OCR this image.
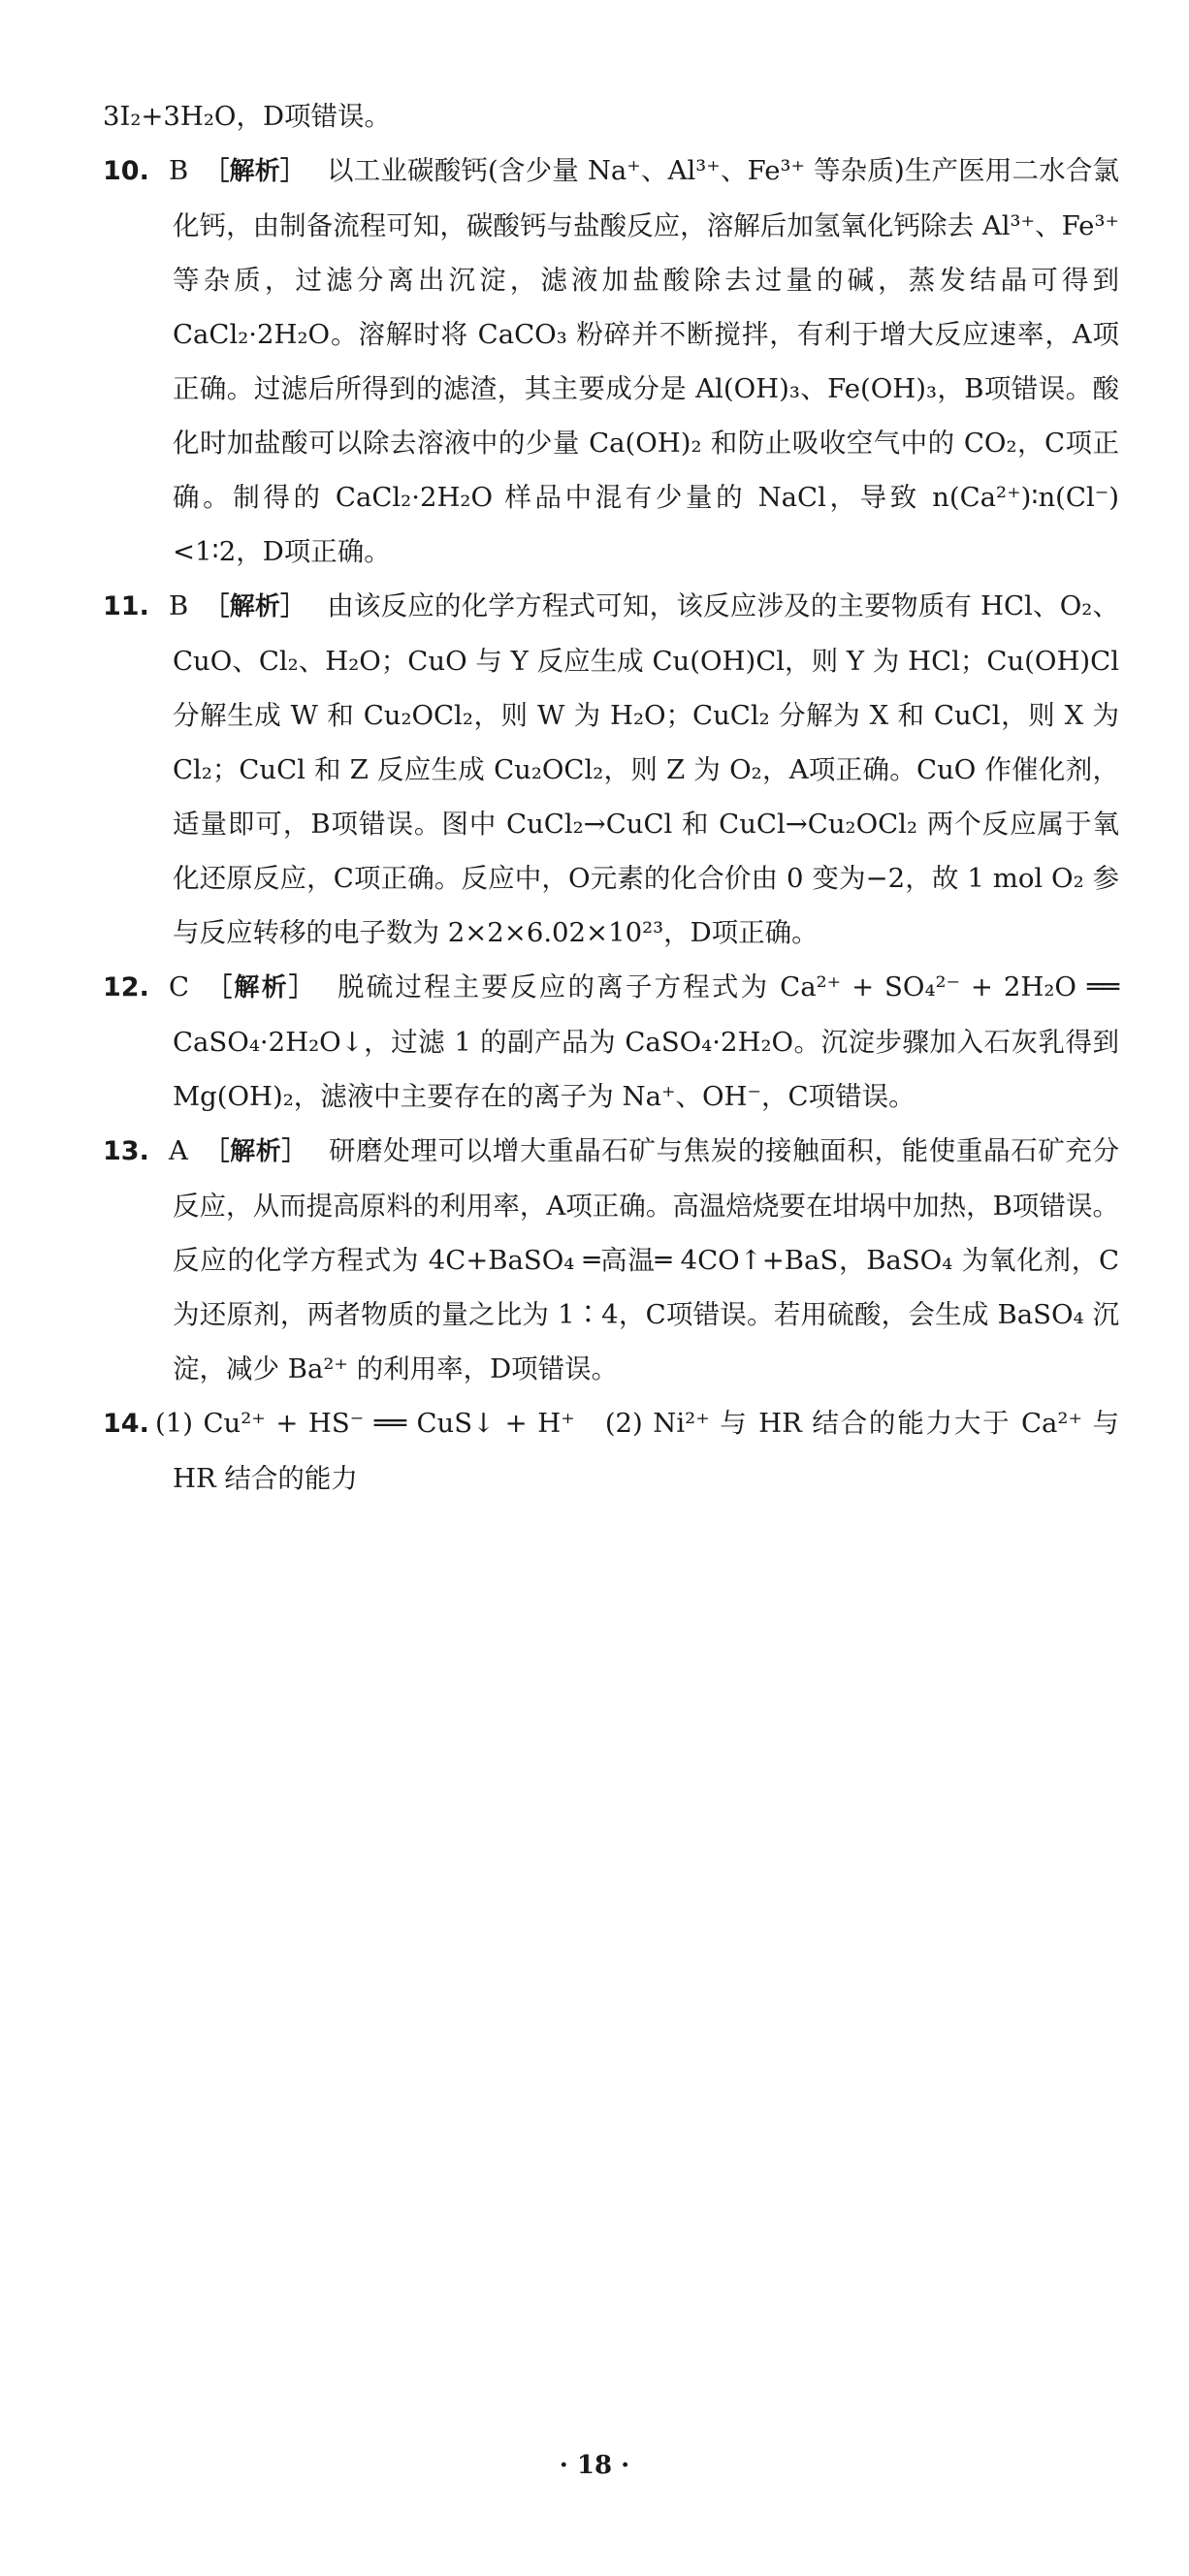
3I₂+3H₂O，D项错误。

10. B ［解析］ 以工业碳酸钙(含少量 Na⁺、Al³⁺、Fe³⁺ 等杂质)生产医用二水合氯化钙，由制备流程可知，碳酸钙与盐酸反应，溶解后加氢氧化钙除去 Al³⁺、Fe³⁺ 等杂质，过滤分离出沉淀，滤液加盐酸除去过量的碱，蒸发结晶可得到 CaCl₂·2H₂O。溶解时将 CaCO₃ 粉碎并不断搅拌，有利于增大反应速率，A项正确。过滤后所得到的滤渣，其主要成分是 Al(OH)₃、Fe(OH)₃，B项错误。酸化时加盐酸可以除去溶液中的少量 Ca(OH)₂ 和防止吸收空气中的 CO₂，C项正确。制得的 CaCl₂·2H₂O 样品中混有少量的 NaCl，导致 n(Ca²⁺)∶n(Cl⁻)<1∶2，D项正确。

11. B ［解析］ 由该反应的化学方程式可知，该反应涉及的主要物质有 HCl、O₂、CuO、Cl₂、H₂O；CuO 与 Y 反应生成 Cu(OH)Cl，则 Y 为 HCl；Cu(OH)Cl 分解生成 W 和 Cu₂OCl₂，则 W 为 H₂O；CuCl₂ 分解为 X 和 CuCl，则 X 为 Cl₂；CuCl 和 Z 反应生成 Cu₂OCl₂，则 Z 为 O₂，A项正确。CuO 作催化剂，适量即可，B项错误。图中 CuCl₂→CuCl 和 CuCl→Cu₂OCl₂ 两个反应属于氧化还原反应，C项正确。反应中，O元素的化合价由 0 变为−2，故 1 mol O₂ 参与反应转移的电子数为 2×2×6.02×10²³，D项正确。

12. C ［解析］ 脱硫过程主要反应的离子方程式为 Ca²⁺ + SO₄²⁻ + 2H₂O ══ CaSO₄·2H₂O↓，过滤 1 的副产品为 CaSO₄·2H₂O。沉淀步骤加入石灰乳得到 Mg(OH)₂，滤液中主要存在的离子为 Na⁺、OH⁻，C项错误。

13. A ［解析］ 研磨处理可以增大重晶石矿与焦炭的接触面积，能使重晶石矿充分反应，从而提高原料的利用率，A项正确。高温焙烧要在坩埚中加热，B项错误。反应的化学方程式为 4C+BaSO₄ ═高温═ 4CO↑+BaS，BaSO₄ 为氧化剂，C为还原剂，两者物质的量之比为 1∶4，C项错误。若用硫酸，会生成 BaSO₄ 沉淀，减少 Ba²⁺ 的利用率，D项错误。

14. (1) Cu²⁺ + HS⁻ ══ CuS↓ + H⁺　(2) Ni²⁺ 与 HR 结合的能力大于 Ca²⁺ 与 HR 结合的能力

· 18 ·
